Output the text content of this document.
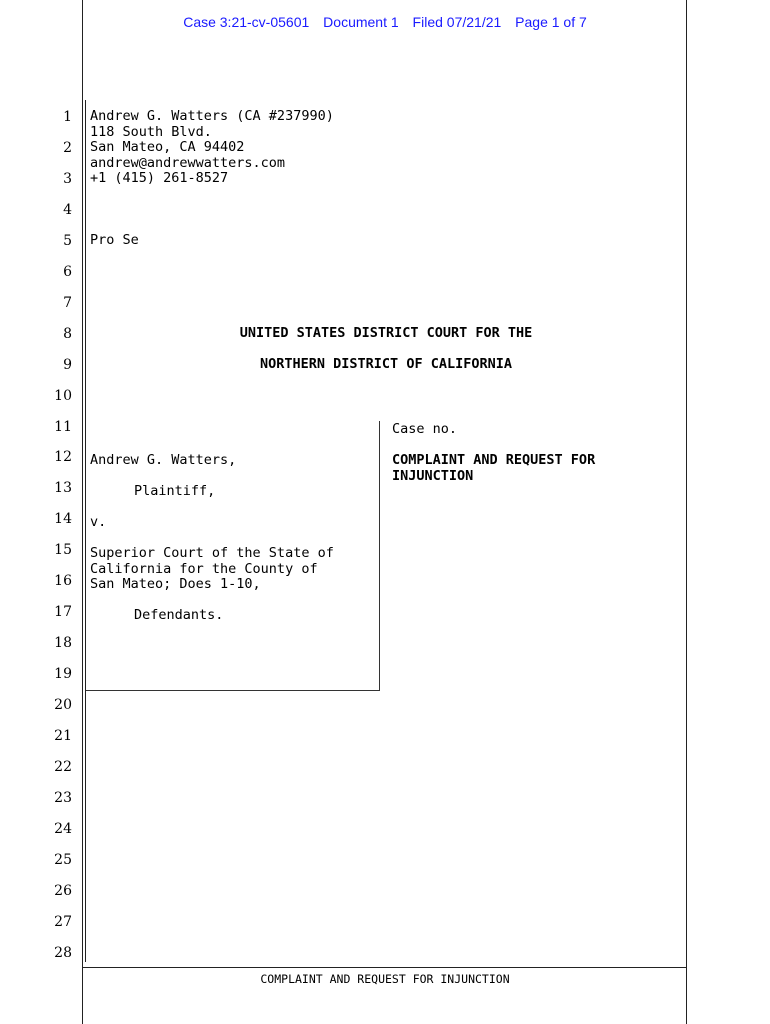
Case 3:21-cv-05601 Document 1 Filed 07/21/21 Page 1 of 7
1
2
3
4
5
6
7
8
9
10
11
12
13
14
15
16
17
18
19
20
21
22
23
24
25
26
27
28
Andrew G. Watters (CA #237990)
118 South Blvd.
San Mateo, CA 94402
andrew@andrewwatters.com
+1 (415) 261-8527
Pro Se
UNITED STATES DISTRICT COURT FOR THE
NORTHERN DISTRICT OF CALIFORNIA
Andrew G. Watters,
Plaintiff,
v.
Superior Court of the State of
California for the County of
San Mateo; Does 1-10,
Defendants.
Case no.
COMPLAINT AND REQUEST FOR
INJUNCTION
COMPLAINT AND REQUEST FOR INJUNCTION
